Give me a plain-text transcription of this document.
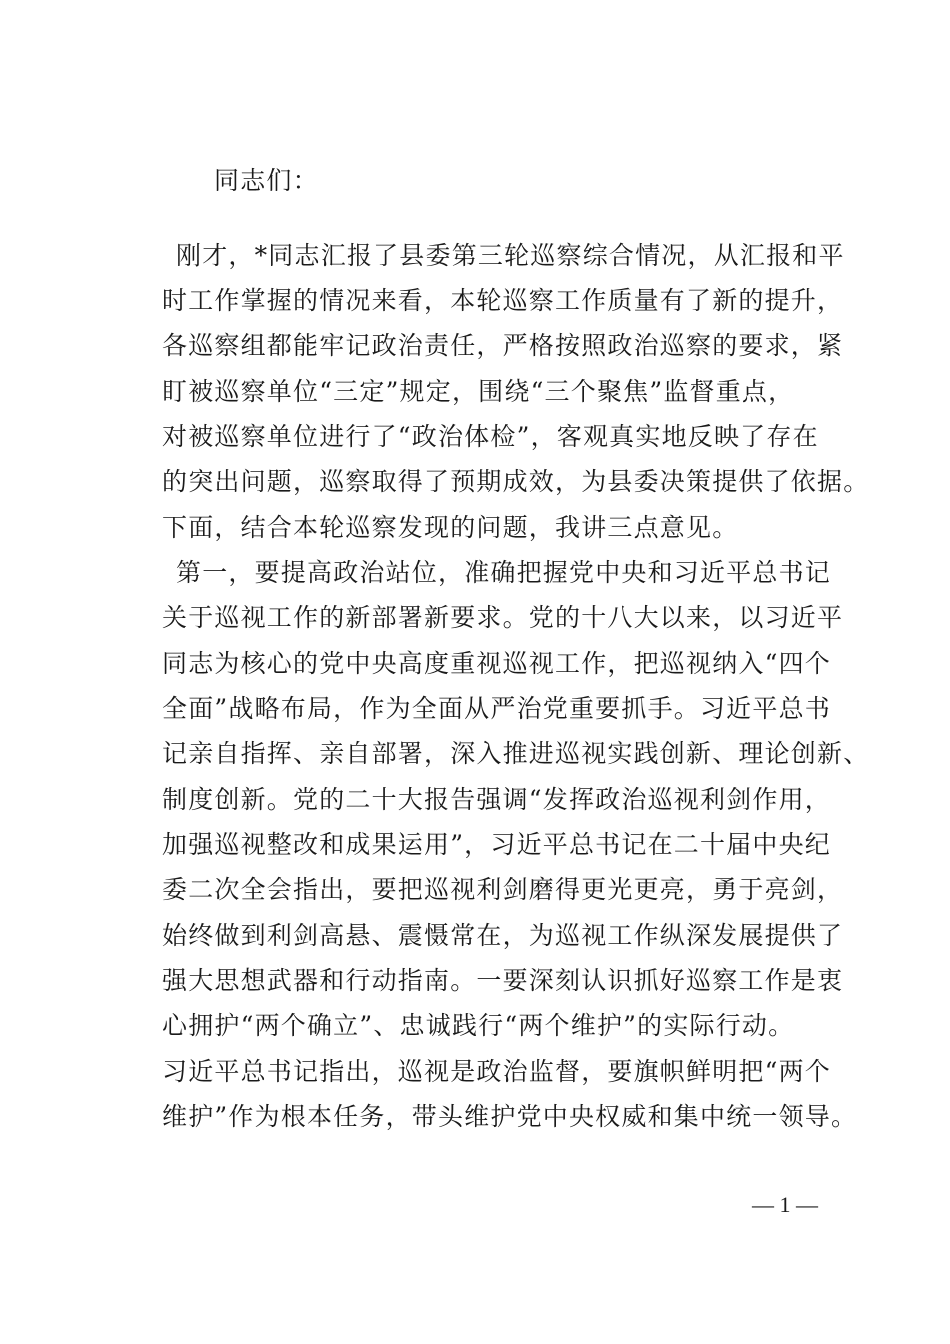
同志们：
刚才，*同志汇报了县委第三轮巡察综合情况，从汇报和平
时工作掌握的情况来看，本轮巡察工作质量有了新的提升，
各巡察组都能牢记政治责任，严格按照政治巡察的要求，紧
盯被巡察单位“三定”规定，围绕“三个聚焦”监督重点，
对被巡察单位进行了“政治体检”，客观真实地反映了存在
的突出问题，巡察取得了预期成效，为县委决策提供了依据。
下面，结合本轮巡察发现的问题，我讲三点意见。
第一，要提高政治站位，准确把握党中央和习近平总书记
关于巡视工作的新部署新要求。党的十八大以来，以习近平
同志为核心的党中央高度重视巡视工作，把巡视纳入“四个
全面”战略布局，作为全面从严治党重要抓手。习近平总书
记亲自指挥、亲自部署，深入推进巡视实践创新、理论创新、
制度创新。党的二十大报告强调“发挥政治巡视利剑作用，
加强巡视整改和成果运用”，习近平总书记在二十届中央纪
委二次全会指出，要把巡视利剑磨得更光更亮，勇于亮剑，
始终做到利剑高悬、震慑常在，为巡视工作纵深发展提供了
强大思想武器和行动指南。一要深刻认识抓好巡察工作是衷
心拥护“两个确立”、忠诚践行“两个维护”的实际行动。
习近平总书记指出，巡视是政治监督，要旗帜鲜明把“两个
维护”作为根本任务，带头维护党中央权威和集中统一领导。
— 1 —
